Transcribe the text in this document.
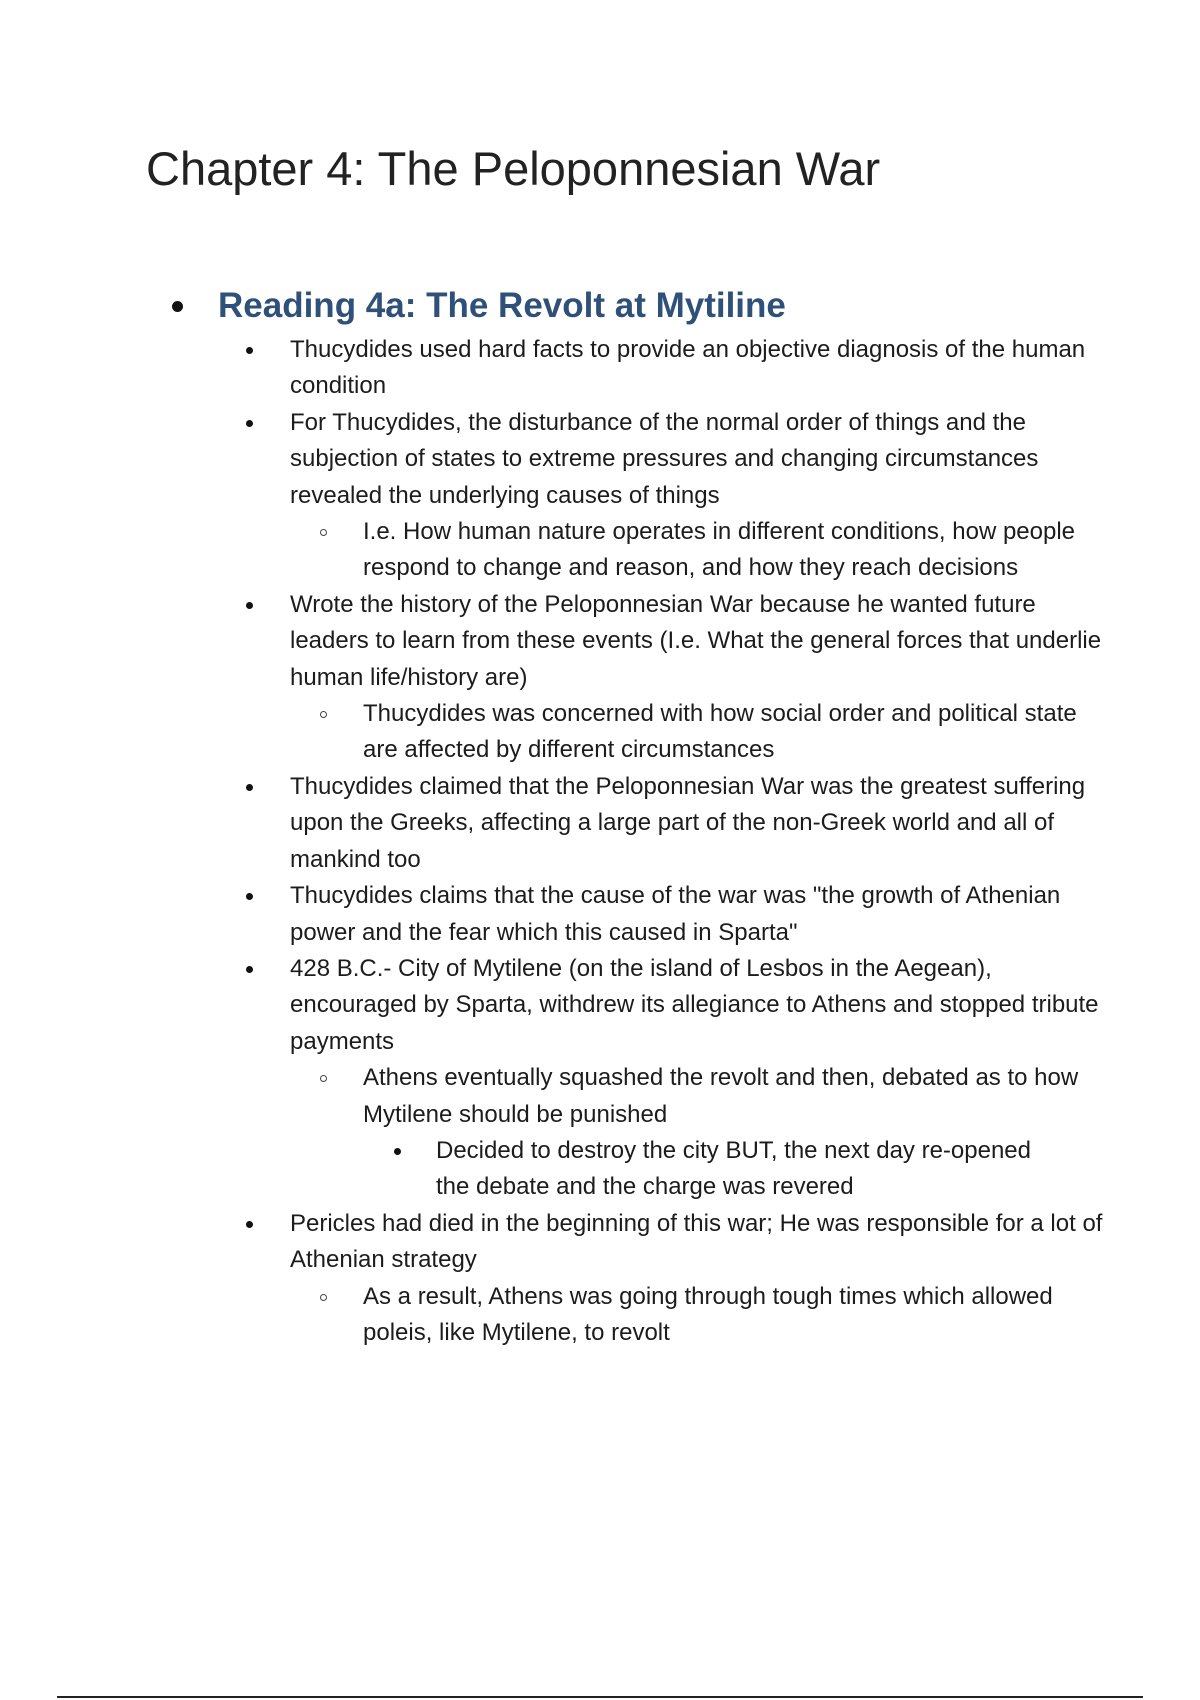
Chapter 4: The Peloponnesian War
Reading 4a: The Revolt at Mytiline
Thucydides used hard facts to provide an objective diagnosis of the human condition
For Thucydides, the disturbance of the normal order of things and the subjection of states to extreme pressures and changing circumstances revealed the underlying causes of things
I.e. How human nature operates in different conditions, how people respond to change and reason, and how they reach decisions
Wrote the history of the Peloponnesian War because he wanted future leaders to learn from these events (I.e. What the general forces that underlie human life/history are)
Thucydides was concerned with how social order and political state are affected by different circumstances
Thucydides claimed that the Peloponnesian War was the greatest suffering upon the Greeks, affecting a large part of the non-Greek world and all of mankind too
Thucydides claims that the cause of the war was "the growth of Athenian power and the fear which this caused in Sparta"
428 B.C.- City of Mytilene (on the island of Lesbos in the Aegean), encouraged by Sparta, withdrew its allegiance to Athens and stopped tribute payments
Athens eventually squashed the revolt and then, debated as to how Mytilene should be punished
Decided to destroy the city BUT, the next day re-opened the debate and the charge was revered
Pericles had died in the beginning of this war; He was responsible for a lot of Athenian strategy
As a result, Athens was going through tough times which allowed poleis, like Mytilene, to revolt
